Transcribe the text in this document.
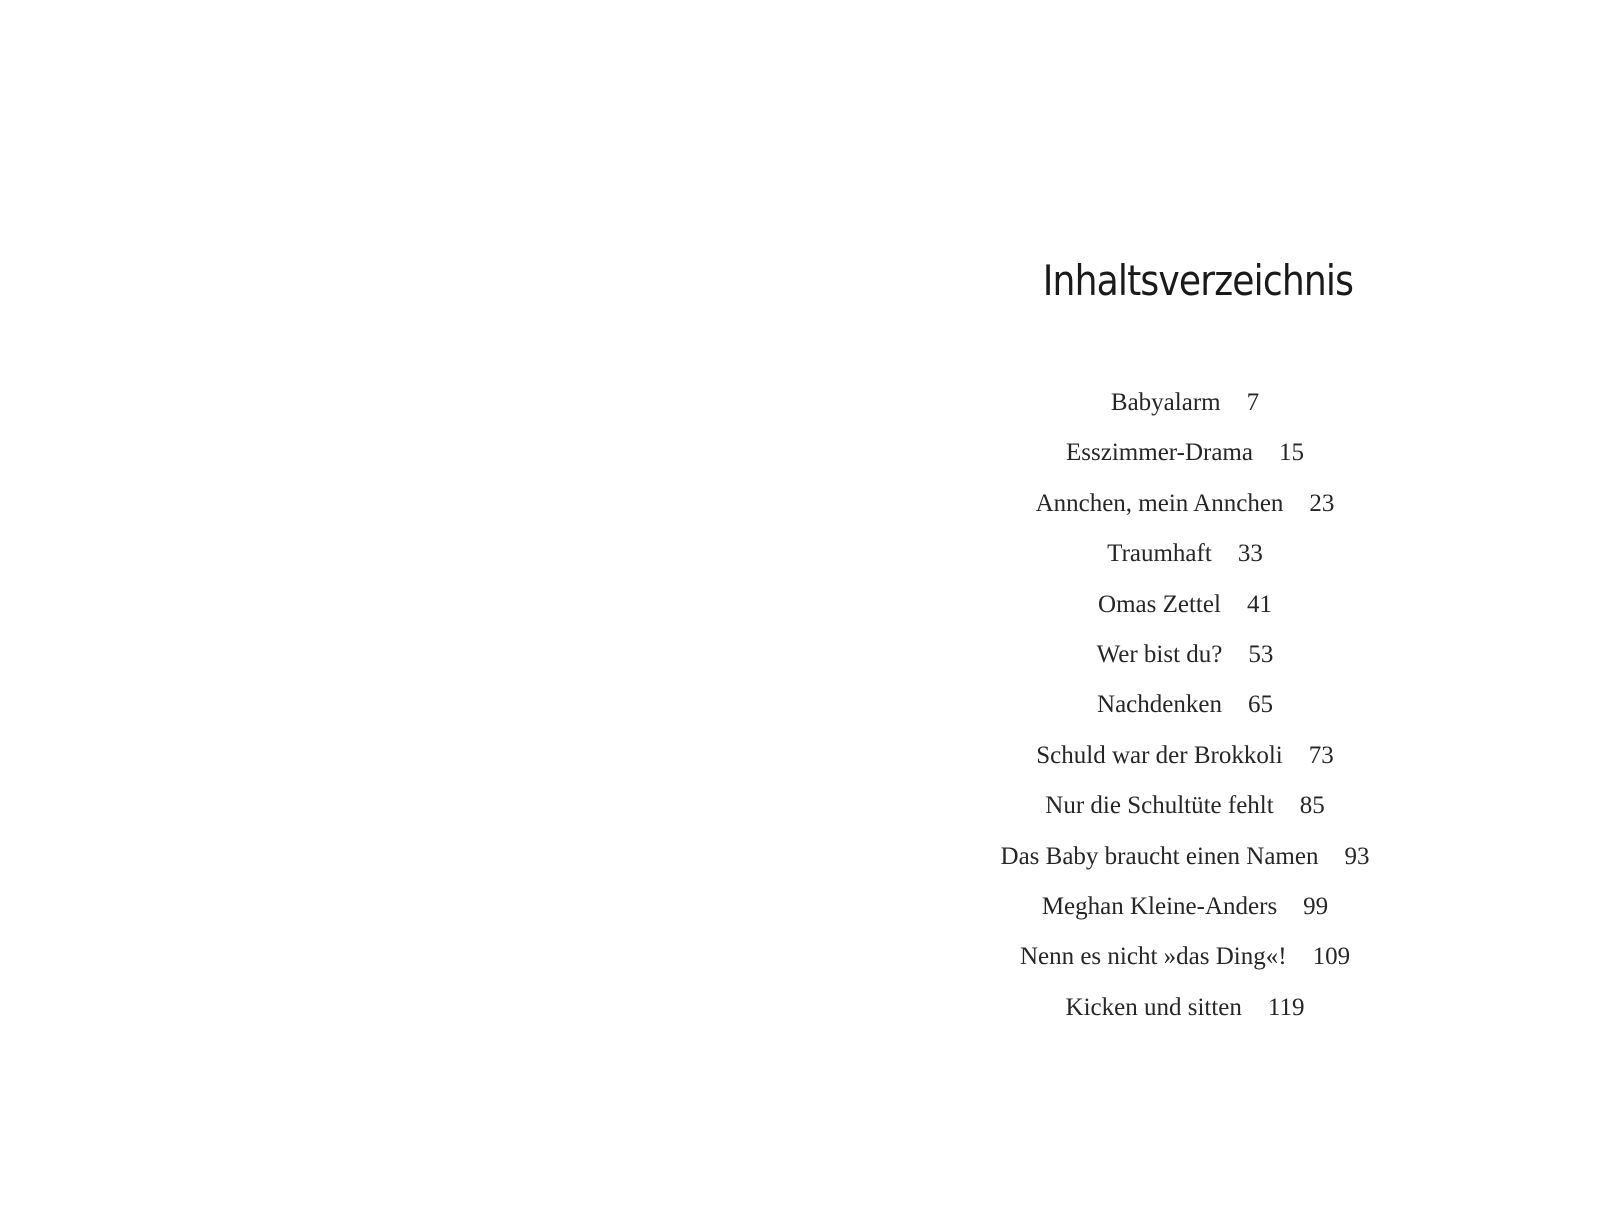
Inhaltsverzeichnis
Babyalarm 7
Esszimmer-Drama 15
Annchen, mein Annchen 23
Traumhaft 33
Omas Zettel 41
Wer bist du? 53
Nachdenken 65
Schuld war der Brokkoli 73
Nur die Schultüte fehlt 85
Das Baby braucht einen Namen 93
Meghan Kleine-Anders 99
Nenn es nicht »das Ding«! 109
Kicken und sitten 119
